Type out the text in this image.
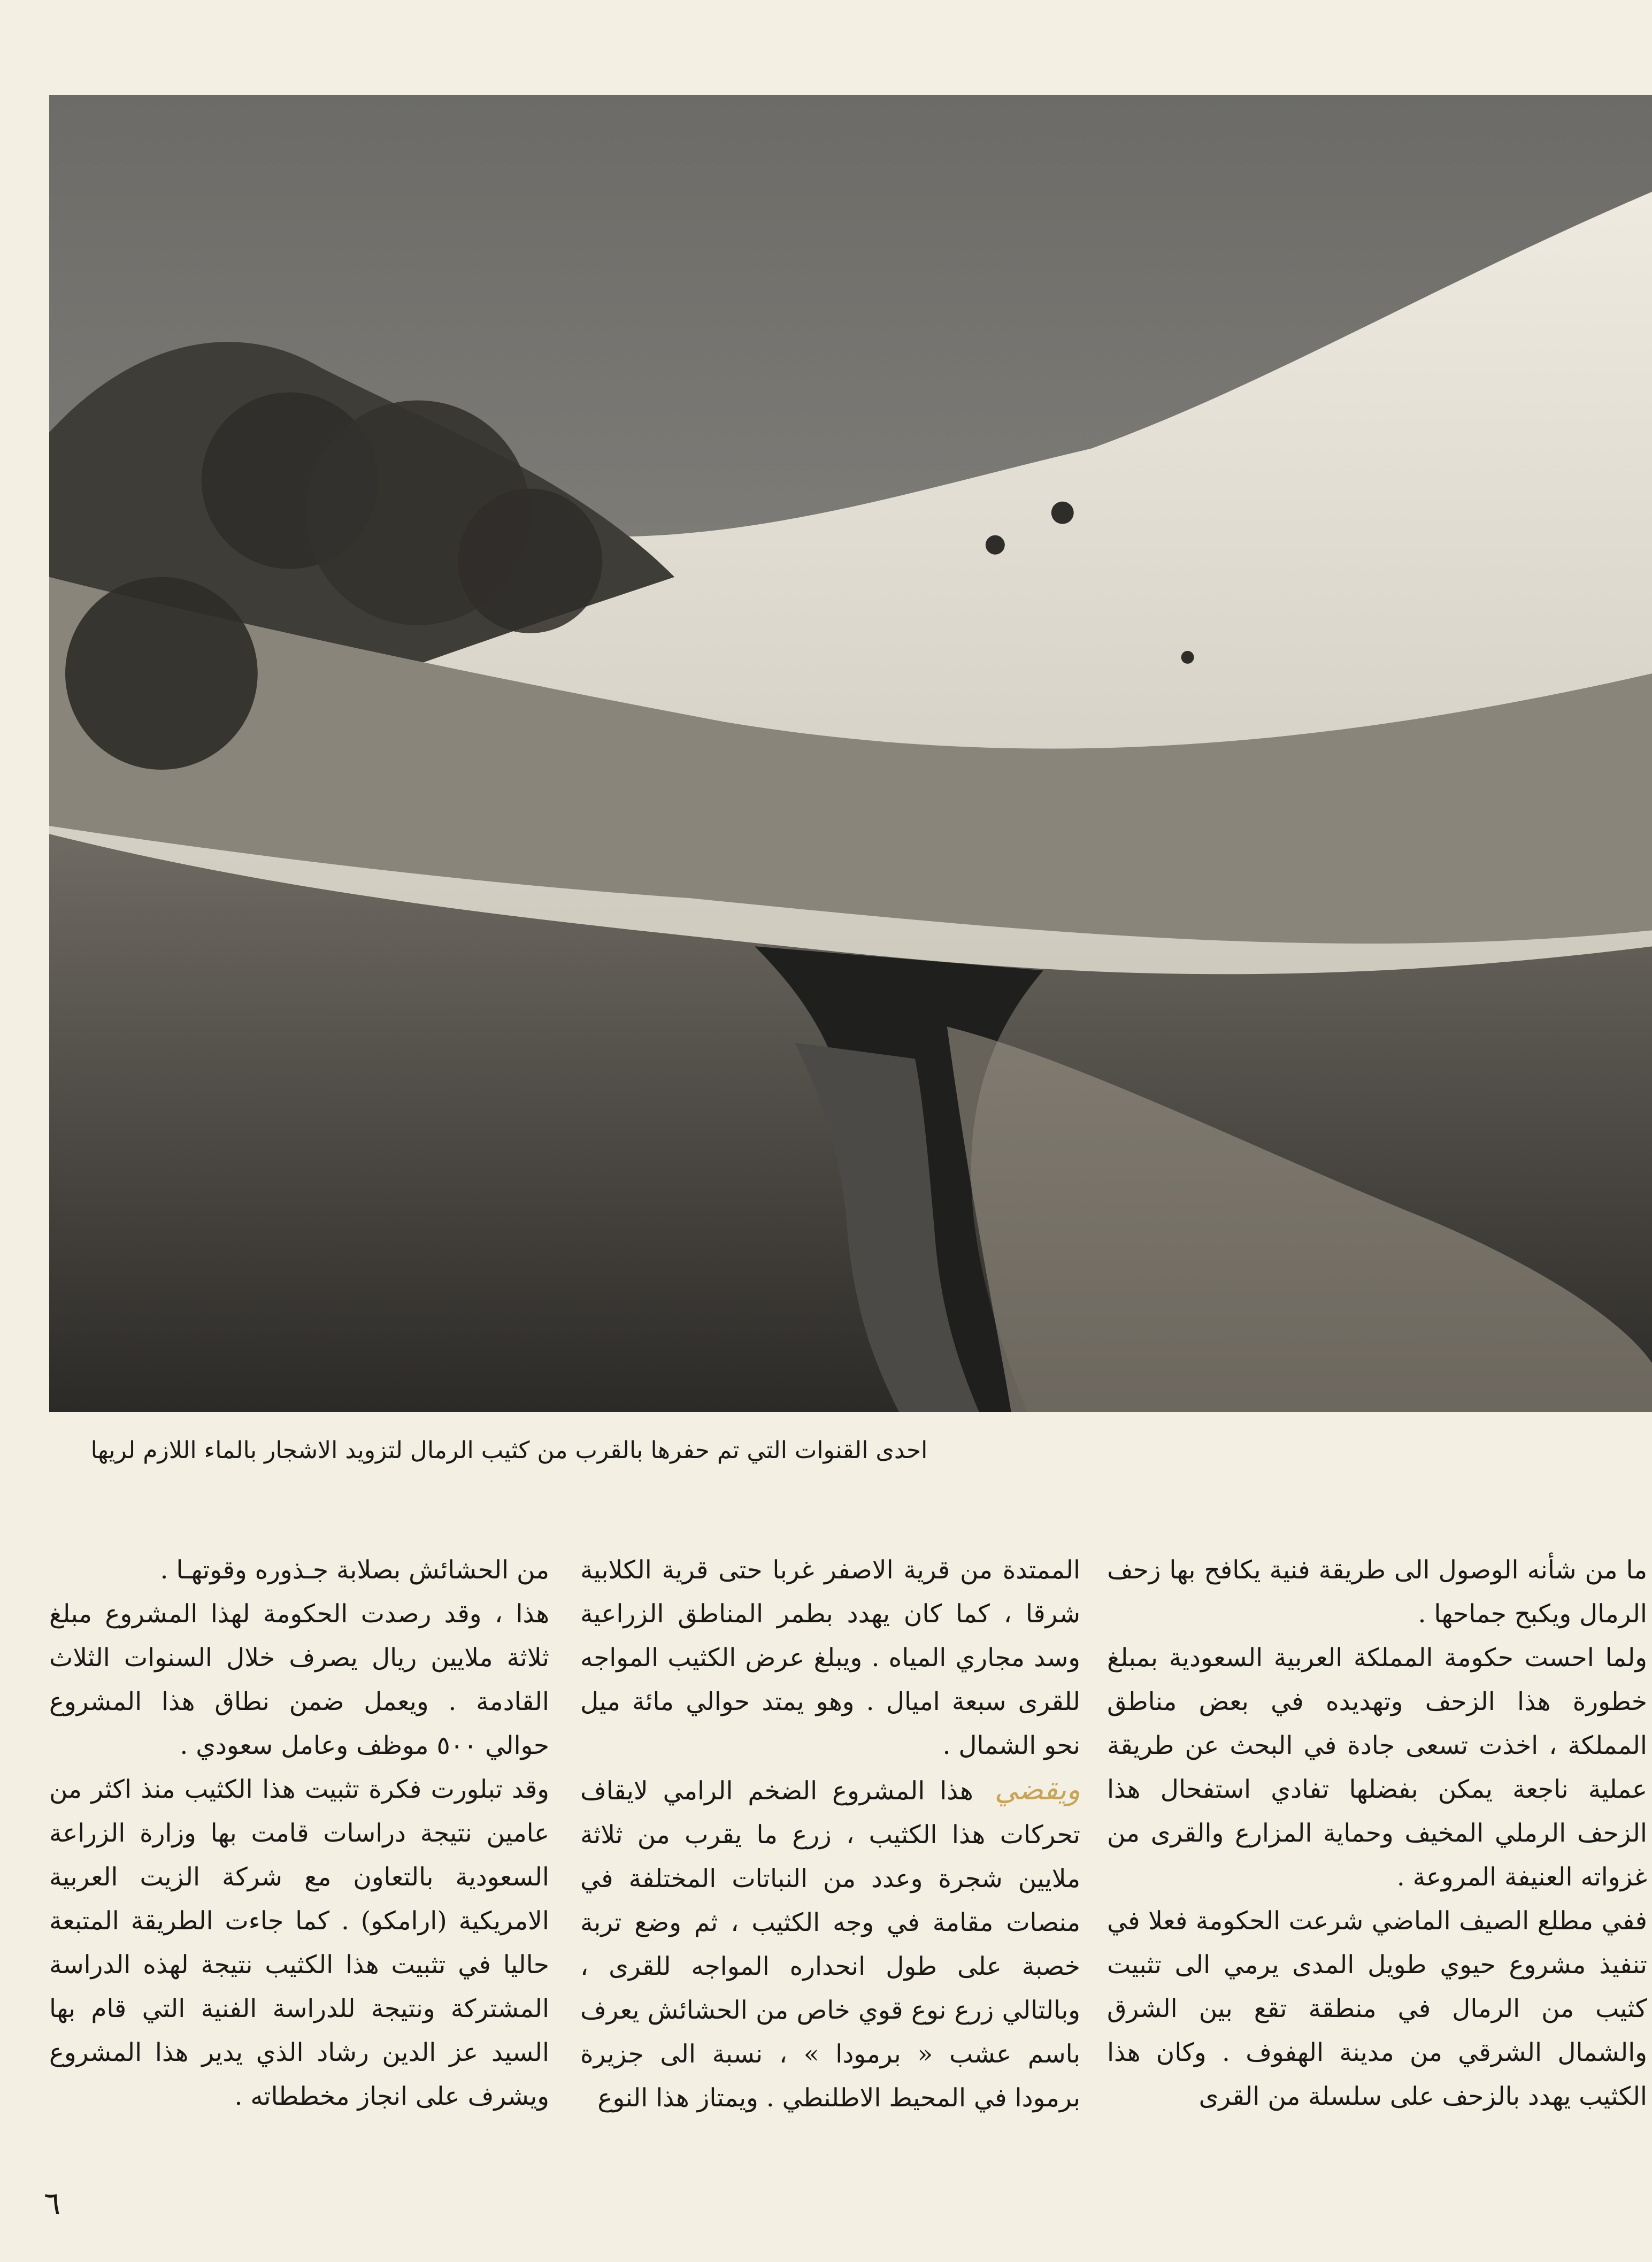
احدى القنوات التي تم حفرها بالقرب من كثيب الرمال لتزويد الاشجار بالماء اللازم لريها

ما من شأنه الوصول الى طريقة فنية يكافح بها زحف الرمال ويكبح جماحها .

ولما احست حكومة المملكة العربية السعودية بمبلغ خطورة هذا الزحف وتهديده في بعض مناطق المملكة ، اخذت تسعى جادة في البحث عن طريقة عملية ناجعة يمكن بفضلها تفادي استفحال هذا الزحف الرملي المخيف وحماية المزارع والقرى من غزواته العنيفة المروعة .

ففي مطلع الصيف الماضي شرعت الحكومة فعلا في تنفيذ مشروع حيوي طويل المدى يرمي الى تثبيت كثيب من الرمال في منطقة تقع بين الشرق والشمال الشرقي من مدينة الهفوف . وكان هذا الكثيب يهدد بالزحف على سلسلة من القرى

الممتدة من قرية الاصفر غربا حتى قرية الكلابية شرقا ، كما كان يهدد بطمر المناطق الزراعية وسد مجاري المياه . ويبلغ عرض الكثيب المواجه للقرى سبعة اميال . وهو يمتد حوالي مائة ميل نحو الشمال .

ويقضي هذا المشروع الضخم الرامي لايقاف تحركات هذا الكثيب ، زرع ما يقرب من ثلاثة ملايين شجرة وعدد من النباتات المختلفة في منصات مقامة في وجه الكثيب ، ثم وضع تربة خصبة على طول انحداره المواجه للقرى ، وبالتالي زرع نوع قوي خاص من الحشائش يعرف باسم عشب « برمودا » ، نسبة الى جزيرة برمودا في المحيط الاطلنطي . ويمتاز هذا النوع

من الحشائش بصلابة جـذوره وقوتهـا .

هذا ، وقد رصدت الحكومة لهذا المشروع مبلغ ثلاثة ملايين ريال يصرف خلال السنوات الثلاث القادمة . ويعمل ضمن نطاق هذا المشروع حوالي ٥٠٠ موظف وعامل سعودي .

وقد تبلورت فكرة تثبيت هذا الكثيب منذ اكثر من عامين نتيجة دراسات قامت بها وزارة الزراعة السعودية بالتعاون مع شركة الزيت العربية الامريكية (ارامكو) . كما جاءت الطريقة المتبعة حاليا في تثبيت هذا الكثيب نتيجة لهذه الدراسة المشتركة ونتيجة للدراسة الفنية التي قام بها السيد عز الدين رشاد الذي يدير هذا المشروع ويشرف على انجاز مخططاته .

٦
